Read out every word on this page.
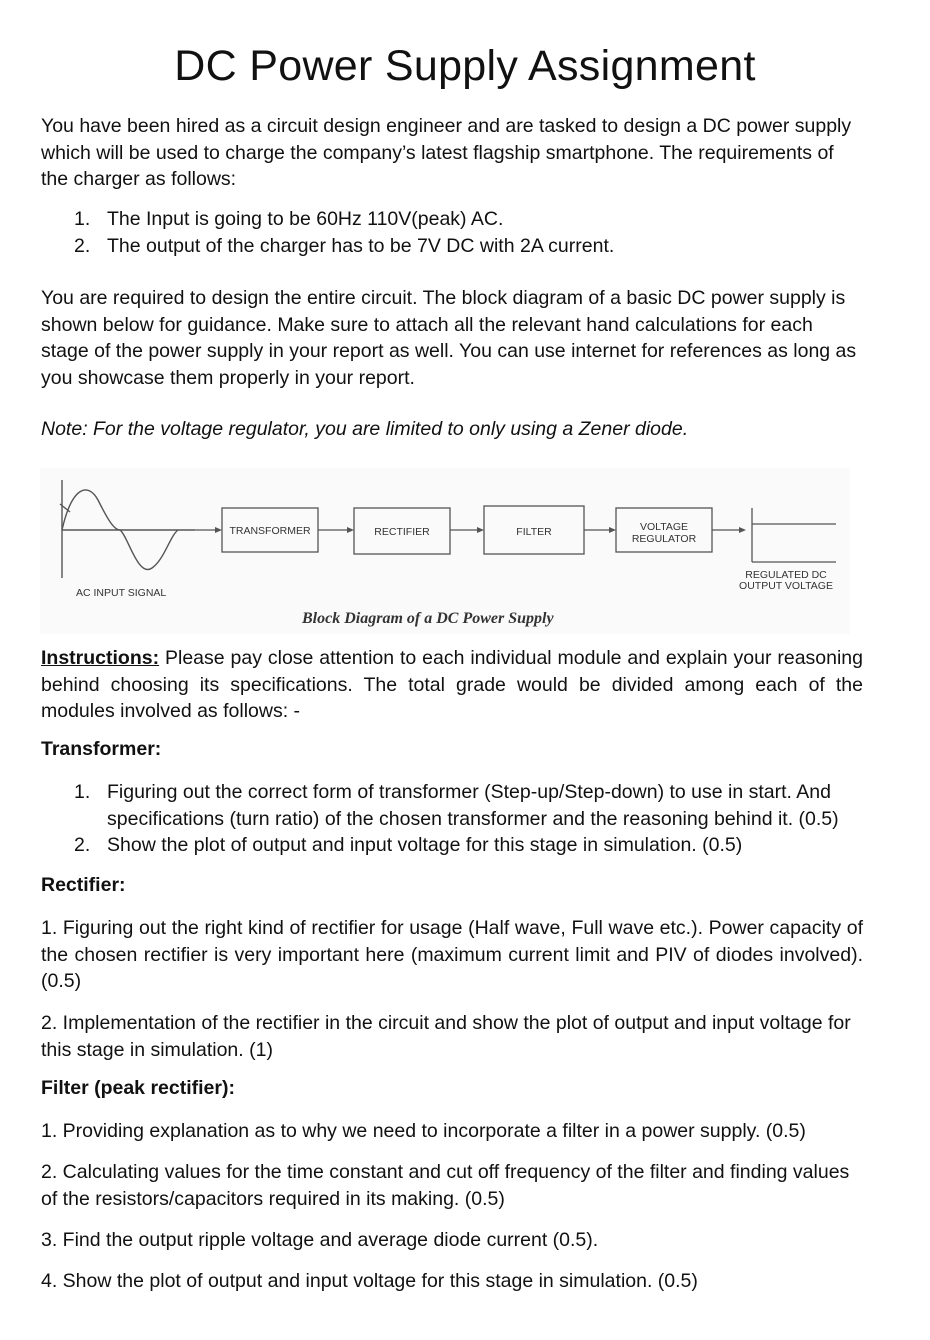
DC Power Supply Assignment

You have been hired as a circuit design engineer and are tasked to design a DC power supply which will be used to charge the company’s latest flagship smartphone. The requirements of the charger as follows:

1. The Input is going to be 60Hz 110V(peak) AC.
2. The output of the charger has to be 7V DC with 2A current.

You are required to design the entire circuit. The block diagram of a basic DC power supply is shown below for guidance. Make sure to attach all the relevant hand calculations for each stage of the power supply in your report as well. You can use internet for references as long as you showcase them properly in your report.

Note: For the voltage regulator, you are limited to only using a Zener diode.

TRANSFORMER	RECTIFIER	FILTER	VOLTAGE
REGULATOR
AC INPUT SIGNAL
REGULATED DC
OUTPUT VOLTAGE
Block Diagram of a DC Power Supply

Instructions: Please pay close attention to each individual module and explain your reasoning behind choosing its specifications. The total grade would be divided among each of the modules involved as follows: -

Transformer:

1. Figuring out the correct form of transformer (Step-up/Step-down) to use in start. And specifications (turn ratio) of the chosen transformer and the reasoning behind it. (0.5)
2. Show the plot of output and input voltage for this stage in simulation. (0.5)

Rectifier:

1. Figuring out the right kind of rectifier for usage (Half wave, Full wave etc.). Power capacity of the chosen rectifier is very important here (maximum current limit and PIV of diodes involved). (0.5)

2. Implementation of the rectifier in the circuit and show the plot of output and input voltage for this stage in simulation. (1)

Filter (peak rectifier):

1. Providing explanation as to why we need to incorporate a filter in a power supply. (0.5)

2. Calculating values for the time constant and cut off frequency of the filter and finding values of the resistors/capacitors required in its making. (0.5)

3. Find the output ripple voltage and average diode current (0.5).

4. Show the plot of output and input voltage for this stage in simulation. (0.5)
